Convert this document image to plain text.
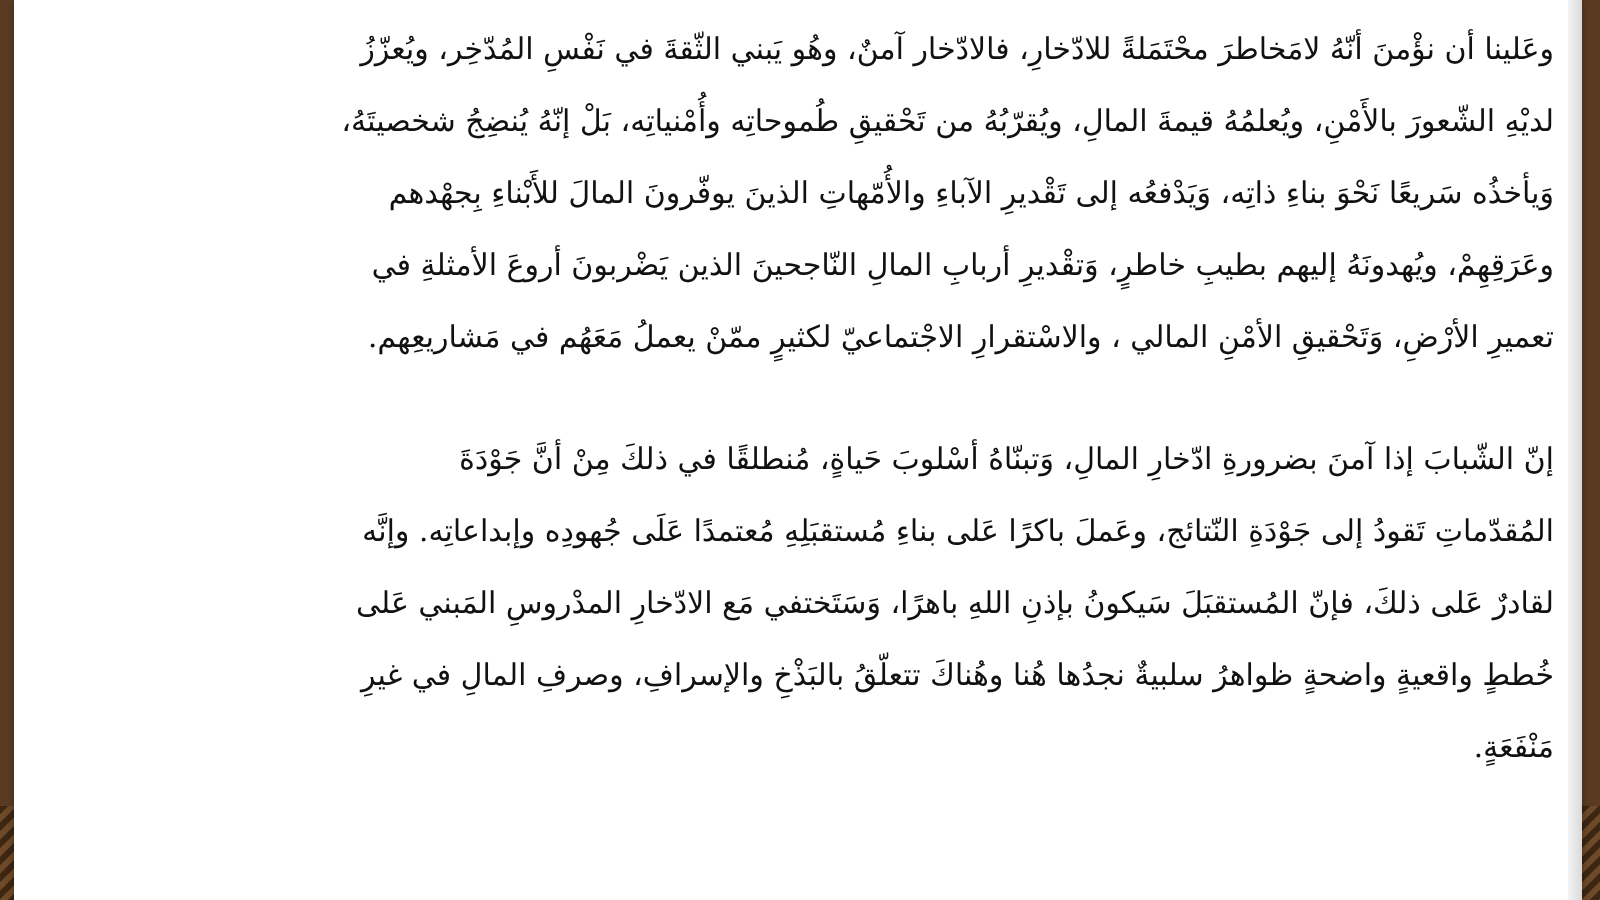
وعَلينا أن نؤْمنَ أنّهُ لامَخاطرَ محْتَمَلةً للادّخارِ، فالادّخار آمنٌ، وهُو يَبني الثّقةَ في نَفْسِ المُدّخِر، ويُعزّزُ
لديْهِ الشّعورَ بالأَمْنِ، ويُعلمُهُ قيمةَ المالِ، ويُقرّبُهُ من تَحْقيقِ طُموحاتِه وأُمْنياتِه، بَلْ إنّهُ يُنضِجُ شخصيتَهُ،
وَيأخذُه سَريعًا نَحْوَ بناءِ ذاتِه، وَيَدْفعُه إلى تَقْديرِ الآباءِ والأُمّهاتِ الذينَ يوفّرونَ المالَ للأَبْناءِ بِجهْدهم
وعَرَقِهِمْ، ويُهدونَهُ إليهم بطيبِ خاطرٍ، وَتقْديرِ أربابِ المالِ النّاجحينَ الذين يَضْربونَ أروعَ الأمثلةِ في
تعميرِ الأرْضِ، وَتَحْقيقِ الأمْنِ المالي ، والاسْتقرارِ الاجْتماعيّ لكثيرٍ ممّنْ يعملُ مَعَهُم في مَشاريعِهم.
إنّ الشّبابَ إذا آمنَ بضرورةِ ادّخارِ المالِ، وَتبنّاهُ أسْلوبَ حَياةٍ، مُنطلقًا في ذلكَ مِنْ أنَّ جَوْدَةَ
المُقدّماتِ تَقودُ إلى جَوْدَةِ النّتائج، وعَملَ باكرًا عَلى بناءِ مُستقبَلِهِ مُعتمدًا عَلَى جُهودِه وإبداعاتِه. وإنَّه
لقادرٌ عَلى ذلكَ، فإنّ المُستقبَلَ سَيكونُ بإذنِ اللهِ باهرًا، وَسَتَختفي مَع الادّخارِ المدْروسِ المَبني عَلى
خُططٍ واقعيةٍ واضحةٍ ظواهرُ سلبيةٌ نجدُها هُنا وهُناكَ تتعلّقُ بالبَذْخِ والإسرافِ، وصرفِ المالِ في غيرِ
مَنْفَعَةٍ.
